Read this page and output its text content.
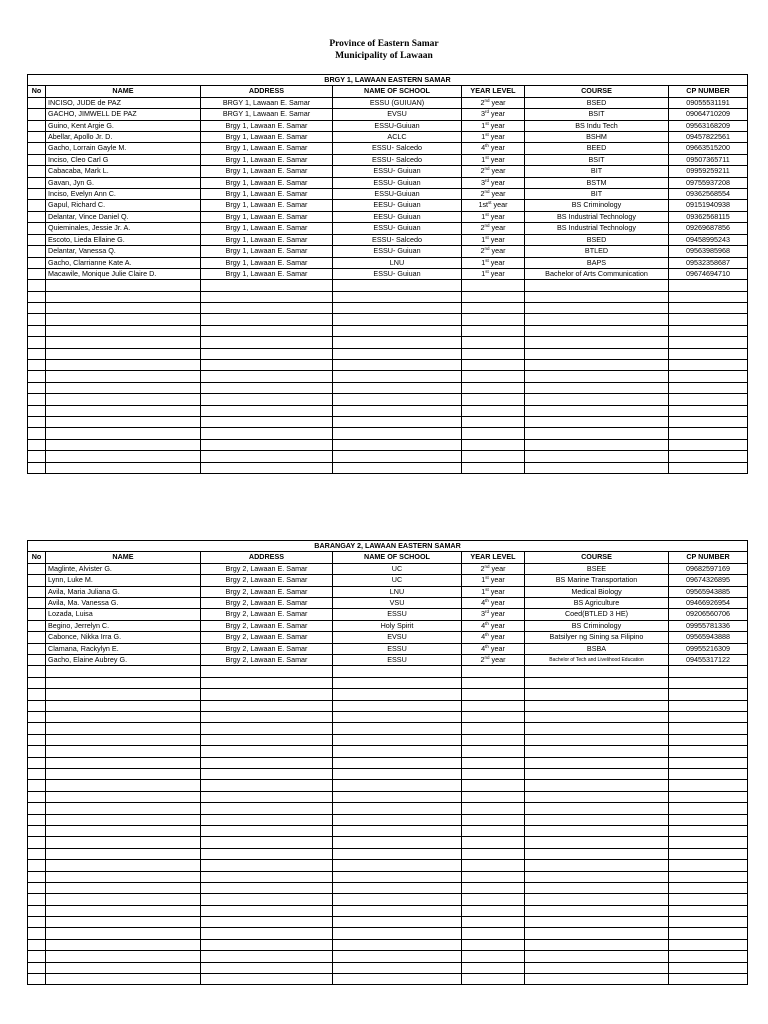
Province of Eastern Samar
Municipality of Lawaan
BRGY 1, LAWAAN EASTERN SAMAR						
No	NAME	ADDRESS	NAME OF SCHOOL	YEAR LEVEL	COURSE	CP NUMBER
	INCISO, JUDE de PAZ	BRGY 1, Lawaan E. Samar	ESSU (GUIUAN)	2nd year	BSED	09055531191
	GACHO, JIMWELL DE PAZ	BRGY 1, Lawaan E. Samar	EVSU	3rd year	BSIT	09064710209
	Guino, Kent Argie G.	Brgy 1, Lawaan E. Samar	ESSU-Guiuan	1st year	BS Indu Tech	09563168209
	Abellar, Apollo Jr. D.	Brgy 1, Lawaan E. Samar	ACLC	1st year	BSHM	09457822561
	Gacho, Lorrain Gayle M.	Brgy 1, Lawaan E. Samar	ESSU- Salcedo	4th year	BEED	09663515200
	Inciso, Cleo Carl G	Brgy 1, Lawaan E. Samar	ESSU- Salcedo	1st year	BSIT	09507365711
	Cabacaba, Mark L.	Brgy 1, Lawaan E. Samar	ESSU- Guiuan	2nd year	BIT	09959259211
	Gavan, Jyn G.	Brgy 1, Lawaan E. Samar	ESSU- Guiuan	3rd year	BSTM	09755937208
	Inciso, Evelyn Ann C.	Brgy 1, Lawaan E. Samar	ESSU-Guiuan	2nd year	BIT	09362568554
	Gapul, Richard C.	Brgy 1, Lawaan E. Samar	EESU- Guiuan	$1st^{st}$ year	BS Criminology	09151940938
	Delantar, Vince Daniel Q.	Brgy 1, Lawaan E. Samar	EESU- Guiuan	1st year	BS Industrial Technology	09362568115
	Quieminales, Jessie Jr. A.	Brgy 1, Lawaan E. Samar	ESSU- Guiuan	2nd year	BS Industrial Technology	09269687856
	Escoto, Lieda Ellaine G.	Brgy 1, Lawaan E. Samar	ESSU- Salcedo	1st year	BSED	09458995243
	Delantar, Vanessa Q.	Brgy 1, Lawaan E. Samar	ESSU- Guiuan	2nd year	BTLED	09563985968
	Gacho, Clarrianne Kate A.	Brgy 1, Lawaan E. Samar	LNU	1st year	BAPS	09532358687
	Macawile, Monique Julie Claire D.	Brgy 1, Lawaan E. Samar	ESSU- Guiuan	1st year	Bachelor of Arts Communication	09674694710

BARANGAY 2, LAWAAN EASTERN SAMAR						
No	NAME	ADDRESS	NAME OF SCHOOL	YEAR LEVEL	COURSE	CP NUMBER
	Maglinte, Alvister G.	Brgy 2, Lawaan E. Samar	UC	2nd year	BSEE	09682597169
	Lynn, Luke M.	Brgy 2, Lawaan E. Samar	UC	1st year	BS Marine Transportation	09674326895
	Avila, Maria Juliana G.	Brgy 2, Lawaan E. Samar	LNU	1st year	Medical Biology	09565943885
	Avila, Ma. Vanessa G.	Brgy 2, Lawaan E. Samar	VSU	4th year	BS Agriculture	09466926954
	Lozada, Luisa	Brgy 2, Lawaan E. Samar	ESSU	3rd year	Coed(BTLED 3 HE)	09206560706
	Begino, Jerrelyn C.	Brgy 2, Lawaan E. Samar	Holy Spirit	4th year	BS Criminology	09955781336
	Cabonce, Nikka Irra G.	Brgy 2, Lawaan E. Samar	EVSU	4th year	Batsilyer ng Sining sa Filipino	09565943888
	Clamana, Rackylyn E.	Brgy 2, Lawaan E. Samar	ESSU	4th year	BSBA	09955216309
	Gacho, Elaine Aubrey G.	Brgy 2, Lawaan E. Samar	ESSU	2nd year	Bachelor of Tech and Livelihood Education	09455317122
